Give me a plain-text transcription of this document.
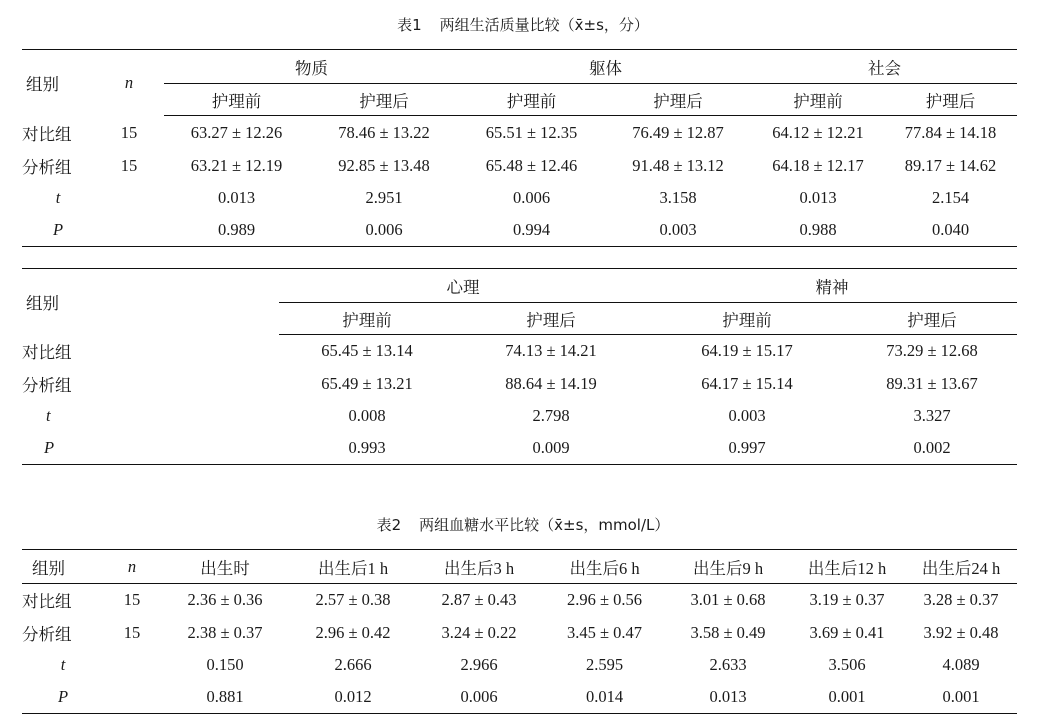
表1 两组生活质量比较（x̄±s，分）
组别	n	物质		躯体		社会	
		护理前	护理后	护理前	护理后	护理前	护理后
对比组	15	63.27 ± 12.26	78.46 ± 13.22	65.51 ± 12.35	76.49 ± 12.87	64.12 ± 12.21	77.84 ± 14.18
分析组	15	63.21 ± 12.19	92.85 ± 13.48	65.48 ± 12.46	91.48 ± 13.12	64.18 ± 12.17	89.17 ± 14.62
t		0.013	2.951	0.006	3.158	0.013	2.154
P		0.989	0.006	0.994	0.003	0.988	0.040
组别	心理		精神	
	护理前	护理后	护理前	护理后
对比组	65.45 ± 13.14	74.13 ± 14.21	64.19 ± 15.17	73.29 ± 12.68
分析组	65.49 ± 13.21	88.64 ± 14.19	64.17 ± 15.14	89.31 ± 13.67
t	0.008	2.798	0.003	3.327
P	0.993	0.009	0.997	0.002
表2 两组血糖水平比较（x̄±s，mmol/L）
组别	n	出生时	出生后1 h	出生后3 h	出生后6 h	出生后9 h	出生后12 h	出生后24 h
对比组	15	2.36 ± 0.36	2.57 ± 0.38	2.87 ± 0.43	2.96 ± 0.56	3.01 ± 0.68	3.19 ± 0.37	3.28 ± 0.37
分析组	15	2.38 ± 0.37	2.96 ± 0.42	3.24 ± 0.22	3.45 ± 0.47	3.58 ± 0.49	3.69 ± 0.41	3.92 ± 0.48
t		0.150	2.666	2.966	2.595	2.633	3.506	4.089
P		0.881	0.012	0.006	0.014	0.013	0.001	0.001
